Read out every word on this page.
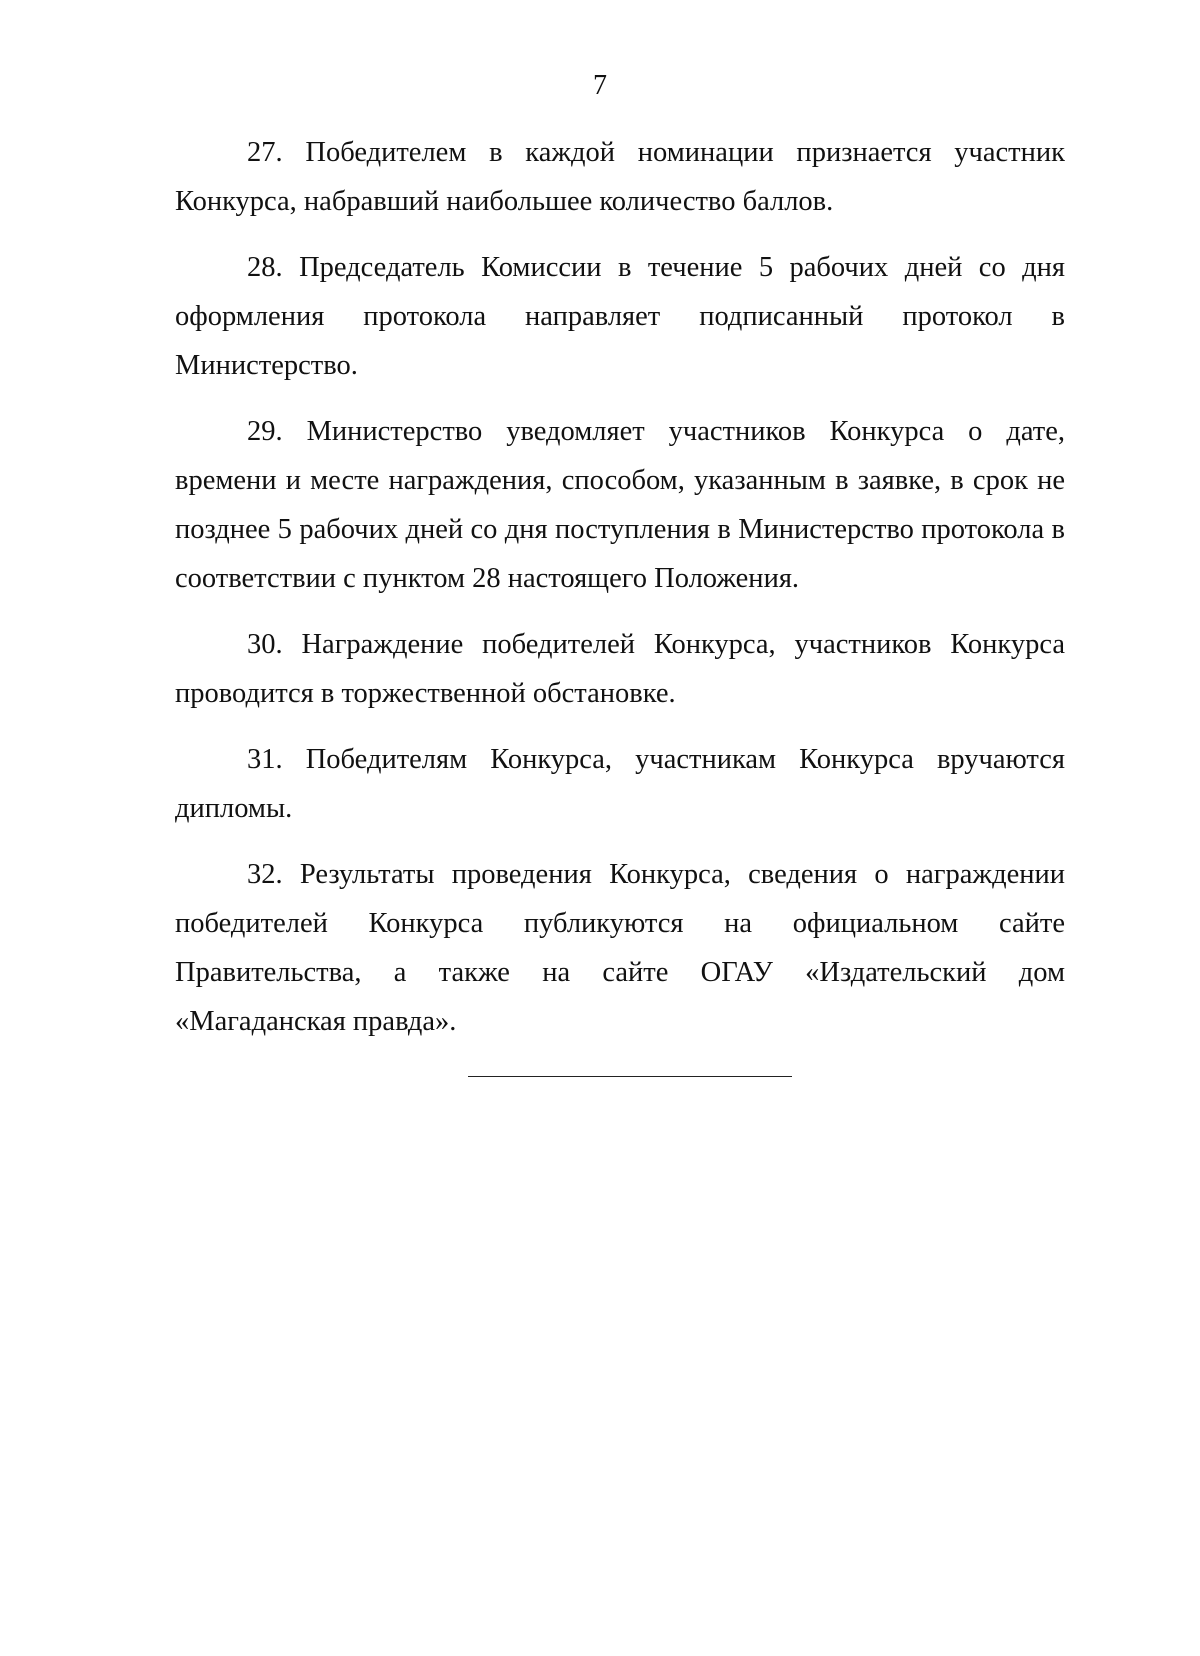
7

27. Победителем в каждой номинации признается участник Конкурса, набравший наибольшее количество баллов.

28. Председатель Комиссии в течение 5 рабочих дней со дня оформления протокола направляет подписанный протокол в Министерство.

29. Министерство уведомляет участников Конкурса о дате, времени и месте награждения, способом, указанным в заявке, в срок не позднее 5 рабочих дней со дня поступления в Министерство протокола в соответствии с пунктом 28 настоящего Положения.

30. Награждение победителей Конкурса, участников Конкурса проводится в торжественной обстановке.

31. Победителям Конкурса, участникам Конкурса вручаются дипломы.

32. Результаты проведения Конкурса, сведения о награждении победителей Конкурса публикуются на официальном сайте Правительства, а также на сайте ОГАУ «Издательский дом «Магаданская правда».
